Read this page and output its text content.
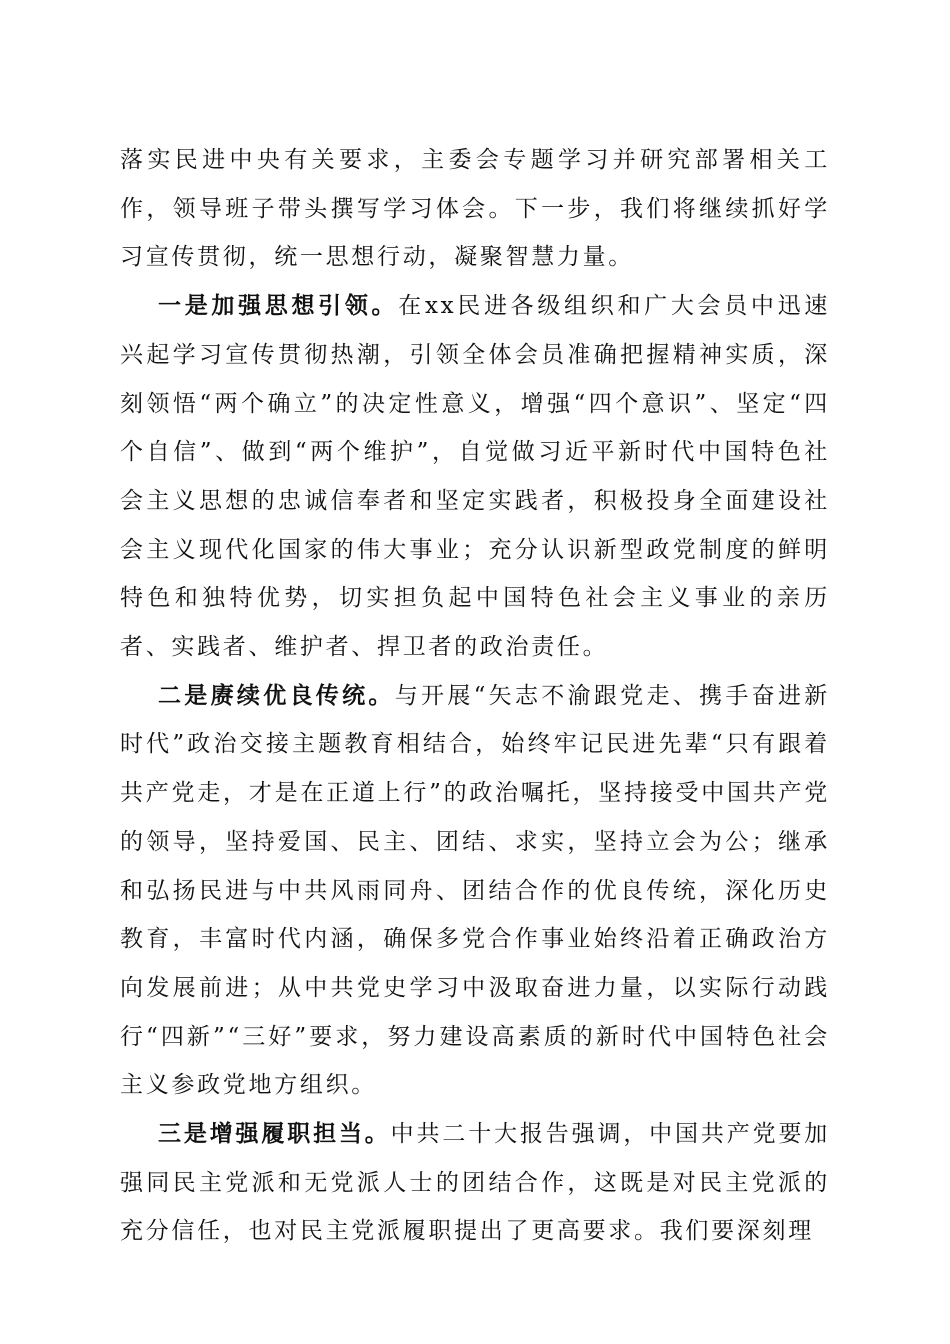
落实民进中央有关要求，主委会专题学习并研究部署相关工作，领导班子带头撰写学习体会。下一步，我们将继续抓好学习宣传贯彻，统一思想行动，凝聚智慧力量。

一是加强思想引领。在xx民进各级组织和广大会员中迅速兴起学习宣传贯彻热潮，引领全体会员准确把握精神实质，深刻领悟“两个确立”的决定性意义，增强“四个意识”、坚定“四个自信”、做到“两个维护”，自觉做习近平新时代中国特色社会主义思想的忠诚信奉者和坚定实践者，积极投身全面建设社会主义现代化国家的伟大事业；充分认识新型政党制度的鲜明特色和独特优势，切实担负起中国特色社会主义事业的亲历者、实践者、维护者、捍卫者的政治责任。

二是赓续优良传统。与开展“矢志不渝跟党走、携手奋进新时代”政治交接主题教育相结合，始终牢记民进先辈“只有跟着共产党走，才是在正道上行”的政治嘱托，坚持接受中国共产党的领导，坚持爱国、民主、团结、求实，坚持立会为公；继承和弘扬民进与中共风雨同舟、团结合作的优良传统，深化历史教育，丰富时代内涵，确保多党合作事业始终沿着正确政治方向发展前进；从中共党史学习中汲取奋进力量，以实际行动践行“四新”“三好”要求，努力建设高素质的新时代中国特色社会主义参政党地方组织。

三是增强履职担当。中共二十大报告强调，中国共产党要加强同民主党派和无党派人士的团结合作，这既是对民主党派的充分信任，也对民主党派履职提出了更高要求。我们要深刻理
